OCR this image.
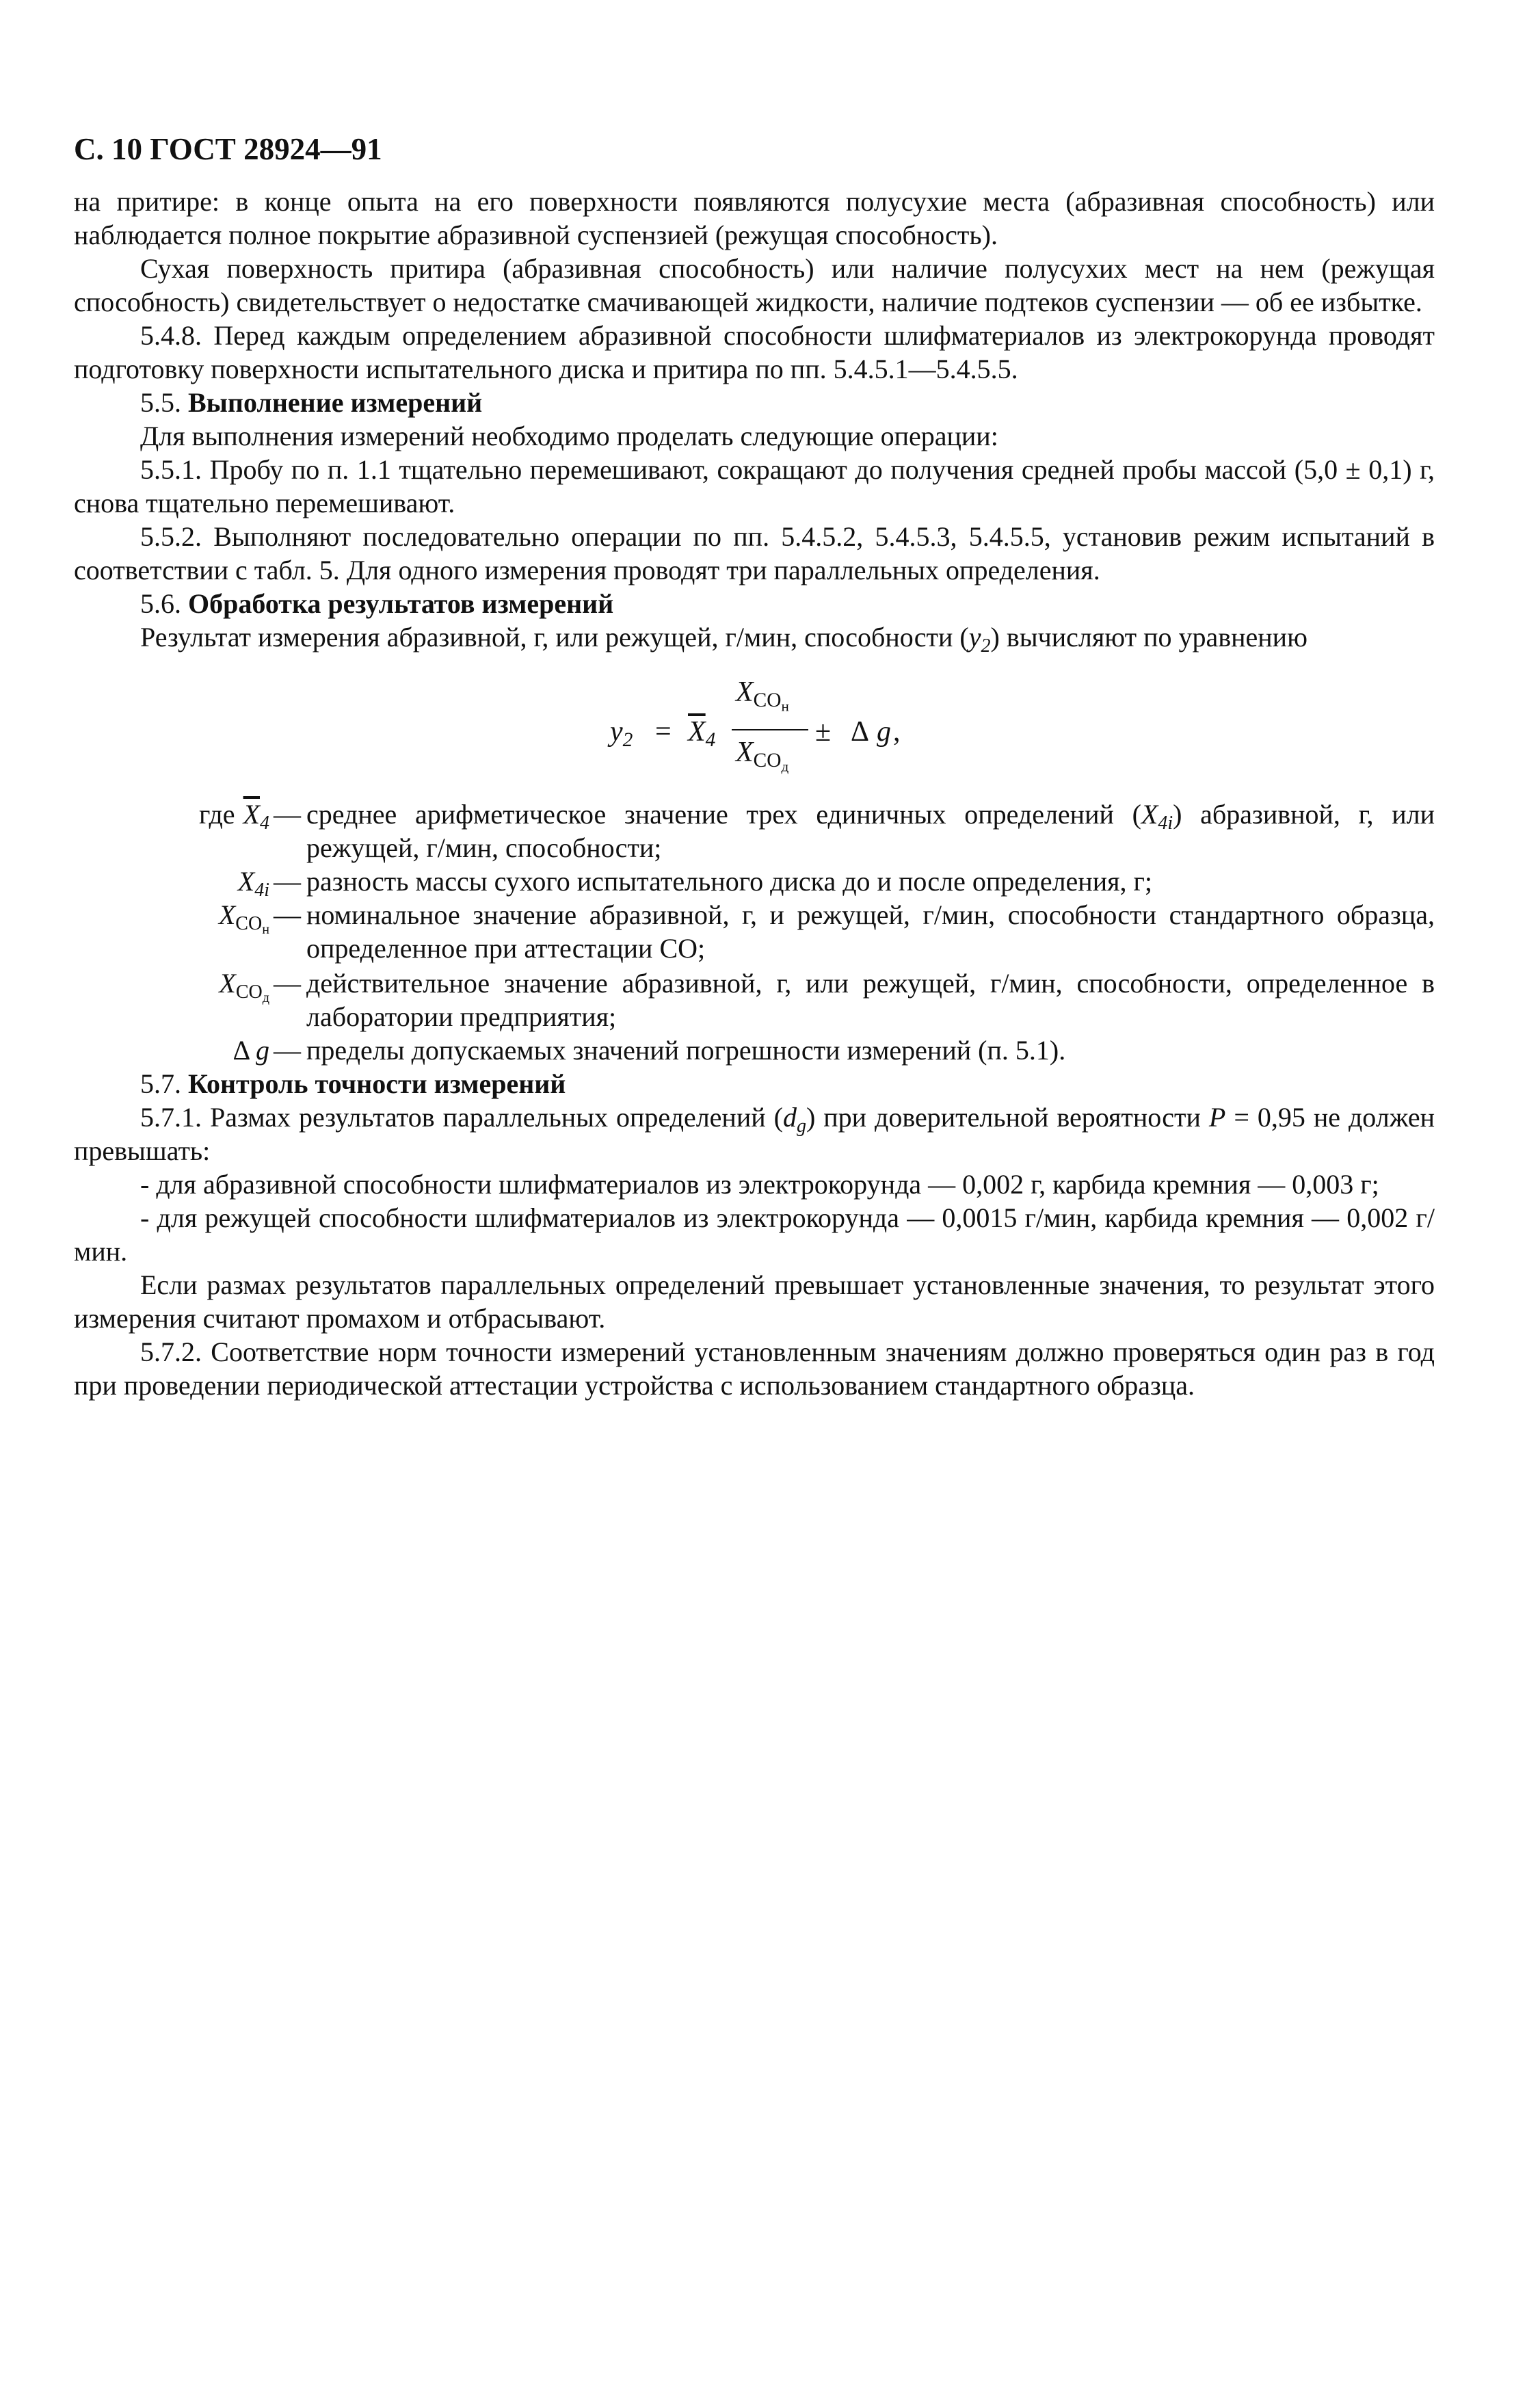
С. 10 ГОСТ 28924—91

на притире: в конце опыта на его поверхности появляются полусухие места (абразивная способность) или наблюдается полное покрытие абразивной суспензией (режущая способность).

Сухая поверхность притира (абразивная способность) или наличие полусухих мест на нем (режущая способность) свидетельствует о недостатке смачивающей жидкости, наличие подтеков суспензии — об ее избытке.

5.4.8. Перед каждым определением абразивной способности шлифматериалов из электрокорунда проводят подготовку поверхности испытательного диска и притира по пп. 5.4.5.1—5.4.5.5.

5.5. Выполнение измерений

Для выполнения измерений необходимо проделать следующие операции:

5.5.1. Пробу по п. 1.1 тщательно перемешивают, сокращают до получения средней пробы массой (5,0 ± 0,1) г, снова тщательно перемешивают.

5.5.2. Выполняют последовательно операции по пп. 5.4.5.2, 5.4.5.3, 5.4.5.5, установив режим испытаний в соответствии с табл. 5. Для одного измерения проводят три параллельных определения.

5.6. Обработка результатов измерений

Результат измерения абразивной, г, или режущей, г/мин, способности $(y_2)$ вычисляют по уравнению

$y_2 = \overline{X}_4$
$X_{CO_н}$
$X_{CO_д}$
± Δ g ,
где $\overline{X}_4$ — среднее арифметическое значение трех единичных определений $(X_{4i})$ абразивной, г, или режущей, г/мин, способности;
$X_{4i}$ — разность массы сухого испытательного диска до и после определения, г;
$X_{CO_н}$ — номинальное значение абразивной, г, и режущей, г/мин, способности стандартного образца, определенное при аттестации СО;
$X_{CO_д}$ — действительное значение абразивной, г, или режущей, г/мин, способности, определенное в лаборатории предприятия;
Δ g — пределы допускаемых значений погрешности измерений (п. 5.1).

5.7. Контроль точности измерений

5.7.1. Размах результатов параллельных определений $(d_g)$ при доверительной вероятности P = 0,95 не должен превышать:

- для абразивной способности шлифматериалов из электрокорунда — 0,002 г, карбида кремния — 0,003 г;

- для режущей способности шлифматериалов из электрокорунда — 0,0015 г/мин, карбида кремния — 0,002 г/мин.

Если размах результатов параллельных определений превышает установленные значения, то результат этого измерения считают промахом и отбрасывают.

5.7.2. Соответствие норм точности измерений установленным значениям должно проверяться один раз в год при проведении периодической аттестации устройства с использованием стандартного образца.
